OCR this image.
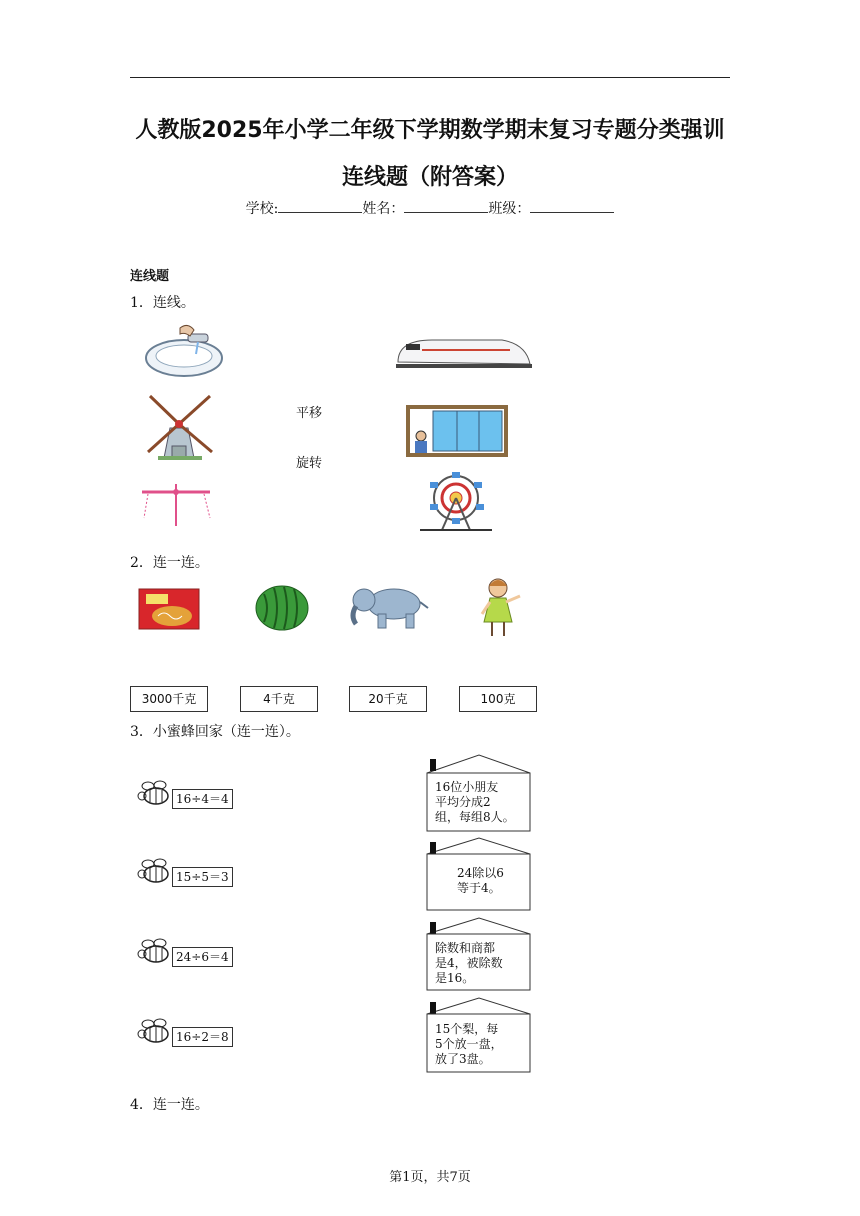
人教版2025年小学二年级下学期数学期末复习专题分类强训
连线题（附答案）
学校:	姓名：	班级：
连线题
1．连线。
平移
旋转
2．连一连。
3000千克	4千克	20千克	100克
3．小蜜蜂回家（连一连）。
16÷4＝4
15÷5＝3
24÷6＝4
16÷2＝8
16位小朋友
平均分成2
组，每组8人。
24除以6
等于4。
除数和商都
是4，被除数
是16。
15个梨，每
5个放一盘，
放了3盘。
4．连一连。
第1页，共7页
